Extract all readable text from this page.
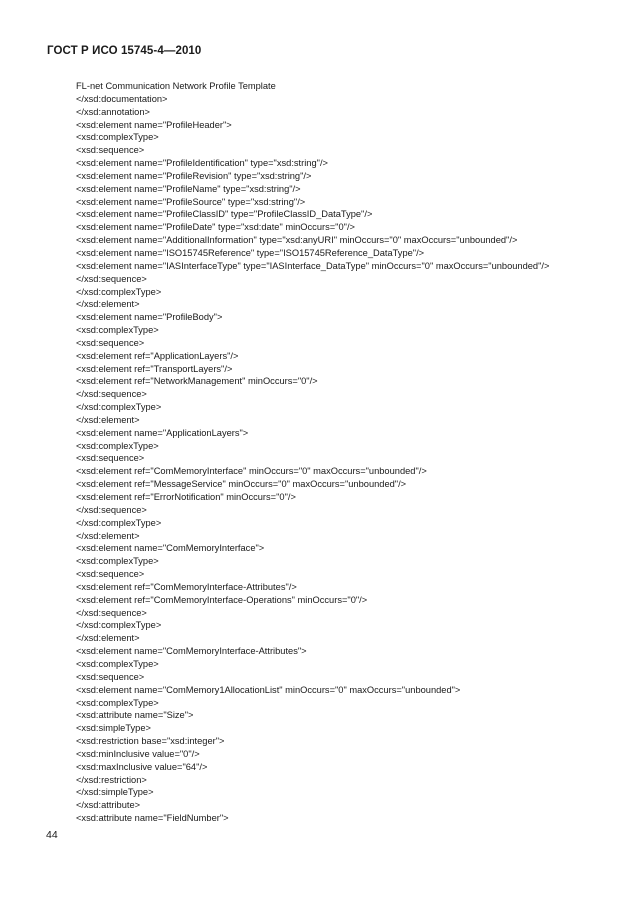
ГОСТ Р ИСО 15745-4—2010
FL-net Communication Network Profile Template
</xsd:documentation>
</xsd:annotation>
<xsd:element name="ProfileHeader">
<xsd:complexType>
<xsd:sequence>
<xsd:element name="ProfileIdentification" type="xsd:string"/>
<xsd:element name="ProfileRevision" type="xsd:string"/>
<xsd:element name="ProfileName" type="xsd:string"/>
<xsd:element name="ProfileSource" type="xsd:string"/>
<xsd:element name="ProfileClassID" type="ProfileClassID_DataType"/>
<xsd:element name="ProfileDate" type="xsd:date" minOccurs="0"/>
<xsd:element name="AdditionalInformation" type="xsd:anyURI" minOccurs="0" maxOccurs="unbounded"/>
<xsd:element name="ISO15745Reference" type="ISO15745Reference_DataType"/>
<xsd:element name="IASInterfaceType" type="IASInterface_DataType" minOccurs="0" maxOccurs="unbounded"/>
</xsd:sequence>
</xsd:complexType>
</xsd:element>
<xsd:element name="ProfileBody">
<xsd:complexType>
<xsd:sequence>
<xsd:element ref="ApplicationLayers"/>
<xsd:element ref="TransportLayers"/>
<xsd:element ref="NetworkManagement" minOccurs="0"/>
</xsd:sequence>
</xsd:complexType>
</xsd:element>
<xsd:element name="ApplicationLayers">
<xsd:complexType>
<xsd:sequence>
<xsd:element ref="ComMemoryInterface" minOccurs="0" maxOccurs="unbounded"/>
<xsd:element ref="MessageService" minOccurs="0" maxOccurs="unbounded"/>
<xsd:element ref="ErrorNotification" minOccurs="0"/>
</xsd:sequence>
</xsd:complexType>
</xsd:element>
<xsd:element name="ComMemoryInterface">
<xsd:complexType>
<xsd:sequence>
<xsd:element ref="ComMemoryInterface-Attributes"/>
<xsd:element ref="ComMemoryInterface-Operations" minOccurs="0"/>
</xsd:sequence>
</xsd:complexType>
</xsd:element>
<xsd:element name="ComMemoryInterface-Attributes">
<xsd:complexType>
<xsd:sequence>
<xsd:element name="ComMemory1AllocationList" minOccurs="0" maxOccurs="unbounded">
<xsd:complexType>
<xsd:attribute name="Size">
<xsd:simpleType>
<xsd:restriction base="xsd:integer">
<xsd:minInclusive value="0"/>
<xsd:maxInclusive value="64"/>
</xsd:restriction>
</xsd:simpleType>
</xsd:attribute>
<xsd:attribute name="FieldNumber">
44
